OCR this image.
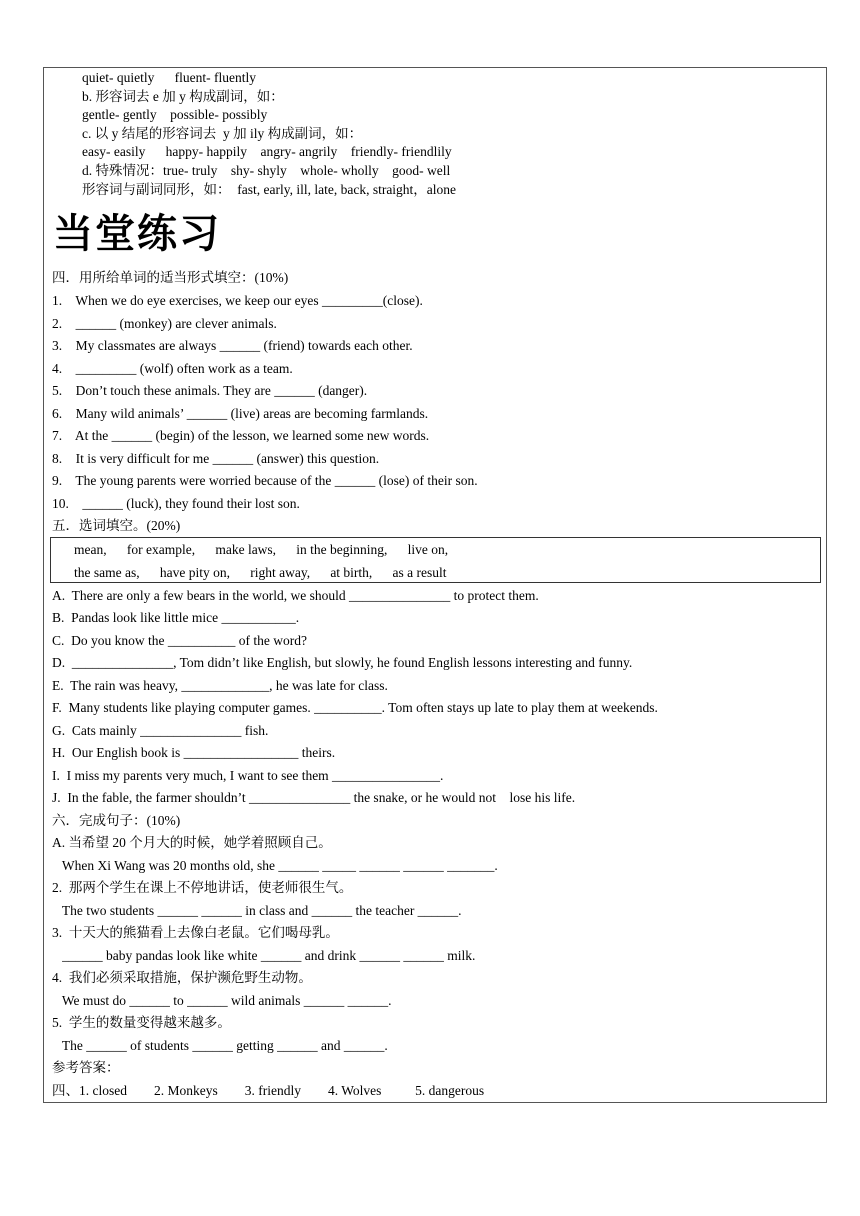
quiet- quietly      fluent- fluently
b. 形容词去 e 加 y 构成副词，如：
gentle- gently    possible- possibly
c. 以 y 结尾的形容词去  y 加 ily 构成副词，如：
easy- easily      happy- happily    angry- angrily    friendly- friendlily
d. 特殊情况：true- truly    shy- shyly    whole- wholly    good- well
形容词与副词同形，如：  fast, early, ill, late, back, straight，alone
当堂练习
四．用所给单词的适当形式填空：(10%)
1.    When we do eye exercises, we keep our eyes _________(close).
2.    ______ (monkey) are clever animals.
3.    My classmates are always ______ (friend) towards each other.
4.    _________ (wolf) often work as a team.
5.    Don’t touch these animals. They are ______ (danger).
6.    Many wild animals’ ______ (live) areas are becoming farmlands.
7.    At the ______ (begin) of the lesson, we learned some new words.
8.    It is very difficult for me ______ (answer) this question.
9.    The young parents were worried because of the ______ (lose) of their son.
10.    ______ (luck), they found their lost son.
五．选词填空。(20%)
mean,      for example,      make laws,      in the beginning,      live on,
the same as,      have pity on,      right away,      at birth,      as a result
A.  There are only a few bears in the world, we should _______________ to protect them.
B.  Pandas look like little mice ___________.
C.  Do you know the __________ of the word?
D.  _______________, Tom didn’t like English, but slowly, he found English lessons interesting and funny.
E.  The rain was heavy, _____________, he was late for class.
F.  Many students like playing computer games. __________. Tom often stays up late to play them at weekends.
G.  Cats mainly _______________ fish.
H.  Our English book is _________________ theirs.
I.  I miss my parents very much, I want to see them ________________.
J.  In the fable, the farmer shouldn’t _______________ the snake, or he would not    lose his life.
六．完成句子：(10%)
A. 当希望 20 个月大的时候，她学着照顾自己。
When Xi Wang was 20 months old, she ______ _____ ______ ______ _______.
2.  那两个学生在课上不停地讲话，使老师很生气。
The two students ______ ______ in class and ______ the teacher ______.
3.  十天大的熊猫看上去像白老鼠。它们喝母乳。
______ baby pandas look like white ______ and drink ______ ______ milk.
4.  我们必须采取措施，保护濒危野生动物。
We must do ______ to ______ wild animals ______ ______.
5.  学生的数量变得越来越多。
The ______ of students ______ getting ______ and ______.
参考答案：
四、1. closed        2. Monkeys        3. friendly        4. Wolves          5. dangerous
